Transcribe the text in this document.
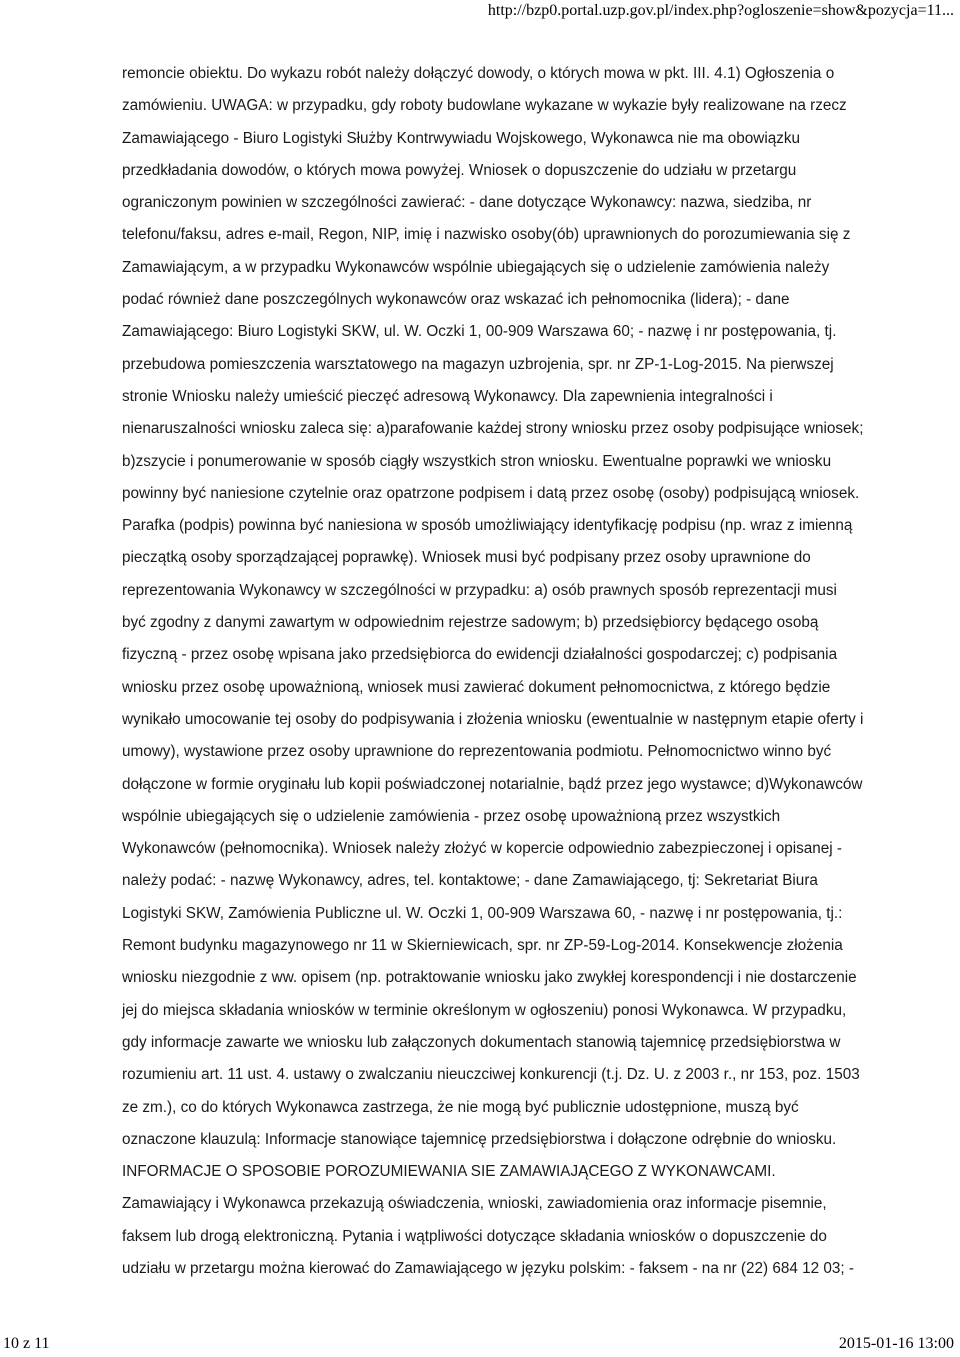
http://bzp0.portal.uzp.gov.pl/index.php?ogloszenie=show&pozycja=11...
remoncie obiektu. Do wykazu robót należy dołączyć dowody, o których mowa w pkt. III. 4.1) Ogłoszenia o
zamówieniu. UWAGA: w przypadku, gdy roboty budowlane wykazane w wykazie były realizowane na rzecz
Zamawiającego - Biuro Logistyki Służby Kontrwywiadu Wojskowego, Wykonawca nie ma obowiązku
przedkładania dowodów, o których mowa powyżej. Wniosek o dopuszczenie do udziału w przetargu
ograniczonym powinien w szczególności zawierać: - dane dotyczące Wykonawcy: nazwa, siedziba, nr
telefonu/faksu, adres e-mail, Regon, NIP, imię i nazwisko osoby(ób) uprawnionych do porozumiewania się z
Zamawiającym, a w przypadku Wykonawców wspólnie ubiegających się o udzielenie zamówienia należy
podać również dane poszczególnych wykonawców oraz wskazać ich pełnomocnika (lidera); - dane
Zamawiającego: Biuro Logistyki SKW, ul. W. Oczki 1, 00-909 Warszawa 60; - nazwę i nr postępowania, tj.
przebudowa pomieszczenia warsztatowego na magazyn uzbrojenia, spr. nr ZP-1-Log-2015. Na pierwszej
stronie Wniosku należy umieścić pieczęć adresową Wykonawcy. Dla zapewnienia integralności i
nienaruszalności wniosku zaleca się: a)parafowanie każdej strony wniosku przez osoby podpisujące wniosek;
b)zszycie i ponumerowanie w sposób ciągły wszystkich stron wniosku. Ewentualne poprawki we wniosku
powinny być naniesione czytelnie oraz opatrzone podpisem i datą przez osobę (osoby) podpisującą wniosek.
Parafka (podpis) powinna być naniesiona w sposób umożliwiający identyfikację podpisu (np. wraz z imienną
pieczątką osoby sporządzającej poprawkę). Wniosek musi być podpisany przez osoby uprawnione do
reprezentowania Wykonawcy w szczególności w przypadku: a) osób prawnych sposób reprezentacji musi
być zgodny z danymi zawartym w odpowiednim rejestrze sadowym; b) przedsiębiorcy będącego osobą
fizyczną - przez osobę wpisana jako przedsiębiorca do ewidencji działalności gospodarczej; c) podpisania
wniosku przez osobę upoważnioną, wniosek musi zawierać dokument pełnomocnictwa, z którego będzie
wynikało umocowanie tej osoby do podpisywania i złożenia wniosku (ewentualnie w następnym etapie oferty i
umowy), wystawione przez osoby uprawnione do reprezentowania podmiotu. Pełnomocnictwo winno być
dołączone w formie oryginału lub kopii poświadczonej notarialnie, bądź przez jego wystawce; d)Wykonawców
wspólnie ubiegających się o udzielenie zamówienia - przez osobę upoważnioną przez wszystkich
Wykonawców (pełnomocnika). Wniosek należy złożyć w kopercie odpowiednio zabezpieczonej i opisanej -
należy podać: - nazwę Wykonawcy, adres, tel. kontaktowe; - dane Zamawiającego, tj: Sekretariat Biura
Logistyki SKW, Zamówienia Publiczne ul. W. Oczki 1, 00-909 Warszawa 60, - nazwę i nr postępowania, tj.:
Remont budynku magazynowego nr 11 w Skierniewicach, spr. nr ZP-59-Log-2014. Konsekwencje złożenia
wniosku niezgodnie z ww. opisem (np. potraktowanie wniosku jako zwykłej korespondencji i nie dostarczenie
jej do miejsca składania wniosków w terminie określonym w ogłoszeniu) ponosi Wykonawca. W przypadku,
gdy informacje zawarte we wniosku lub załączonych dokumentach stanowią tajemnicę przedsiębiorstwa w
rozumieniu art. 11 ust. 4. ustawy o zwalczaniu nieuczciwej konkurencji (t.j. Dz. U. z 2003 r., nr 153, poz. 1503
ze zm.), co do których Wykonawca zastrzega, że nie mogą być publicznie udostępnione, muszą być
oznaczone klauzulą: Informacje stanowiące tajemnicę przedsiębiorstwa i dołączone odrębnie do wniosku.
INFORMACJE O SPOSOBIE POROZUMIEWANIA SIE ZAMAWIAJĄCEGO Z WYKONAWCAMI.
Zamawiający i Wykonawca przekazują oświadczenia, wnioski, zawiadomienia oraz informacje pisemnie,
faksem lub drogą elektroniczną. Pytania i wątpliwości dotyczące składania wniosków o dopuszczenie do
udziału w przetargu można kierować do Zamawiającego w języku polskim: - faksem - na nr (22) 684 12 03; -
10 z 11	2015-01-16 13:00
